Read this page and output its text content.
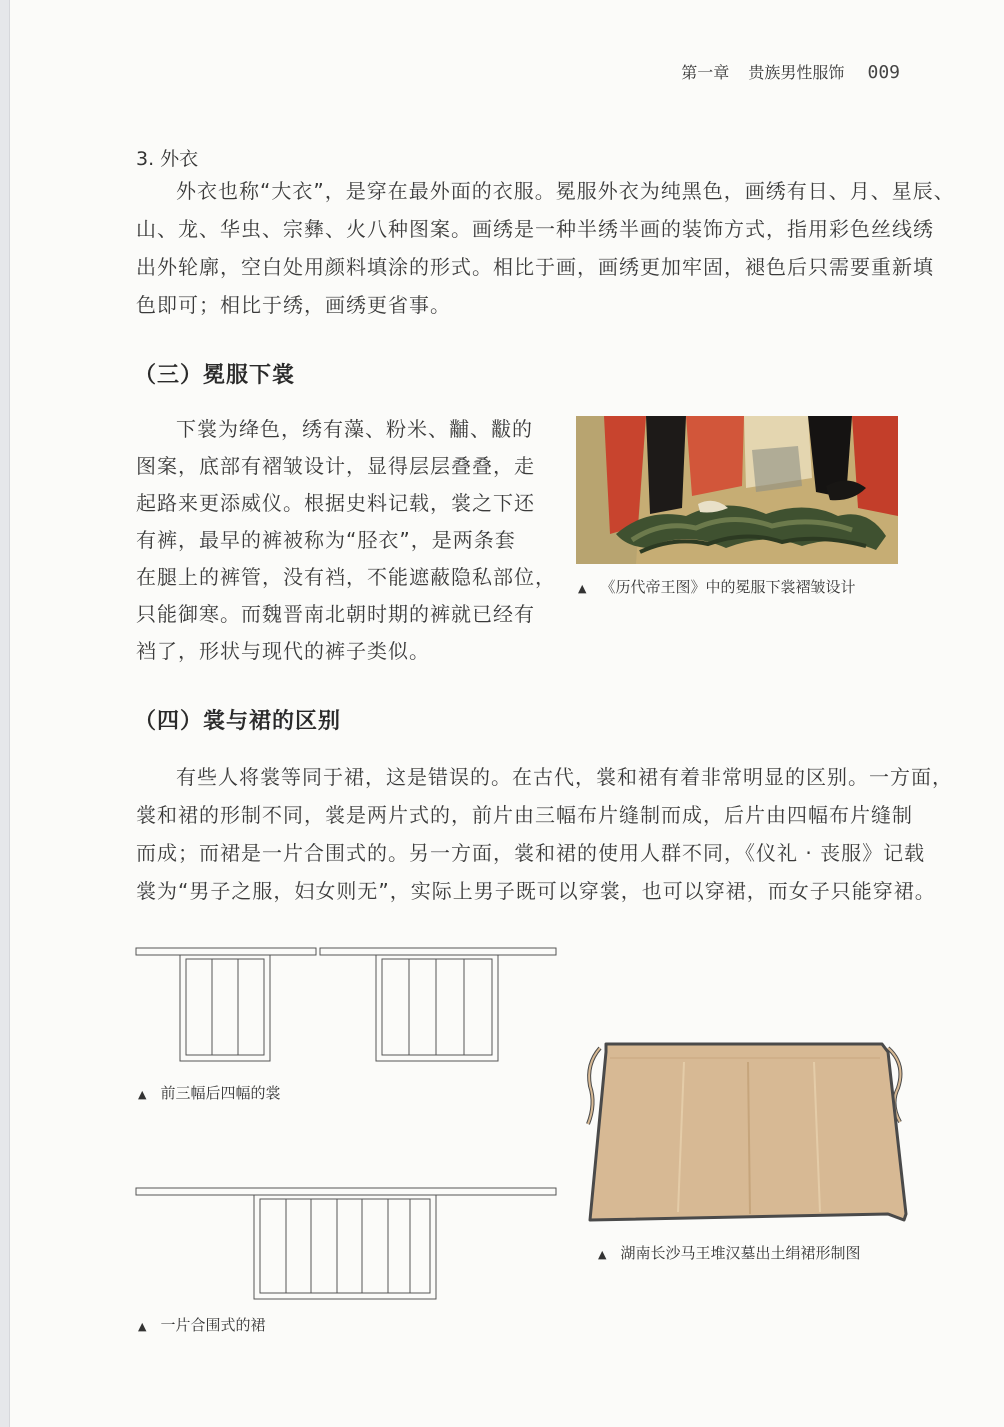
第一章 贵族男性服饰 009
3. 外衣
外衣也称“大衣”，是穿在最外面的衣服。冕服外衣为纯黑色，画绣有日、月、星辰、
山、龙、华虫、宗彝、火八种图案。画绣是一种半绣半画的装饰方式，指用彩色丝线绣
出外轮廓，空白处用颜料填涂的形式。相比于画，画绣更加牢固，褪色后只需要重新填
色即可；相比于绣，画绣更省事。
（三）冕服下裳
下裳为绛色，绣有藻、粉米、黼、黻的
图案，底部有褶皱设计，显得层层叠叠，走
起路来更添威仪。根据史料记载，裳之下还
有裤，最早的裤被称为“胫衣”，是两条套
在腿上的裤管，没有裆，不能遮蔽隐私部位，
只能御寒。而魏晋南北朝时期的裤就已经有
裆了，形状与现代的裤子类似。
▲ 《历代帝王图》中的冕服下裳褶皱设计
（四）裳与裙的区别
有些人将裳等同于裙，这是错误的。在古代，裳和裙有着非常明显的区别。一方面，
裳和裙的形制不同，裳是两片式的，前片由三幅布片缝制而成，后片由四幅布片缝制
而成；而裙是一片合围式的。另一方面，裳和裙的使用人群不同，《仪礼 · 丧服》记载
裳为“男子之服，妇女则无”，实际上男子既可以穿裳，也可以穿裙，而女子只能穿裙。
▲ 前三幅后四幅的裳
▲ 一片合围式的裙
▲ 湖南长沙马王堆汉墓出土绢裙形制图
